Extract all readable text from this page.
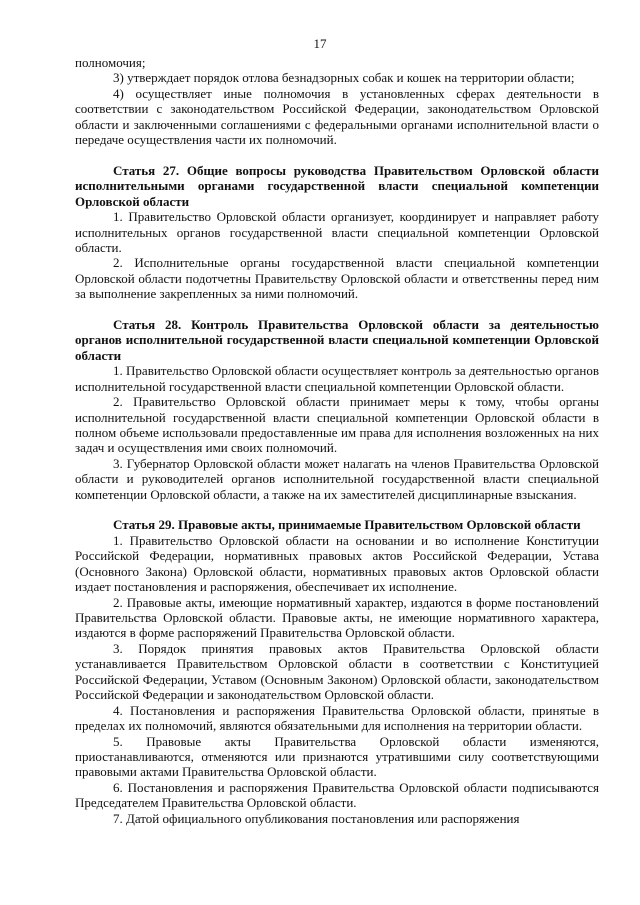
17

полномочия;

3) утверждает порядок отлова безнадзорных собак и кошек на территории области;

4) осуществляет иные полномочия в установленных сферах деятельности в соответствии с законодательством Российской Федерации, законодательством Орловской области и заключенными соглашениями с федеральными органами исполнительной власти о передаче осуществления части их полномочий.

Статья 27. Общие вопросы руководства Правительством Орловской области исполнительными органами государственной власти специальной компетенции Орловской области

1. Правительство Орловской области организует, координирует и направляет работу исполнительных органов государственной власти специальной компетенции Орловской области.

2. Исполнительные органы государственной власти специальной компетенции Орловской области подотчетны Правительству Орловской области и ответственны перед ним за выполнение закрепленных за ними полномочий.

Статья 28. Контроль Правительства Орловской области за деятельностью органов исполнительной государственной власти специальной компетенции Орловской области

1. Правительство Орловской области осуществляет контроль за деятельностью органов исполнительной государственной власти специальной компетенции Орловской области.

2. Правительство Орловской области принимает меры к тому, чтобы органы исполнительной государственной власти специальной компетенции Орловской области в полном объеме использовали предоставленные им права для исполнения возложенных на них задач и осуществления ими своих полномочий.

3. Губернатор Орловской области может налагать на членов Правительства Орловской области и руководителей органов исполнительной государственной власти специальной компетенции Орловской области, а также на их заместителей дисциплинарные взыскания.

Статья 29. Правовые акты, принимаемые Правительством Орловской области

1. Правительство Орловской области на основании и во исполнение Конституции Российской Федерации, нормативных правовых актов Российской Федерации, Устава (Основного Закона) Орловской области, нормативных правовых актов Орловской области издает постановления и распоряжения, обеспечивает их исполнение.

2. Правовые акты, имеющие нормативный характер, издаются в форме постановлений Правительства Орловской области. Правовые акты, не имеющие нормативного характера, издаются в форме распоряжений Правительства Орловской области.

3. Порядок принятия правовых актов Правительства Орловской области устанавливается Правительством Орловской области в соответствии с Конституцией Российской Федерации, Уставом (Основным Законом) Орловской области, законодательством Российской Федерации и законодательством Орловской области.

4. Постановления и распоряжения Правительства Орловской области, принятые в пределах их полномочий, являются обязательными для исполнения на территории области.

5. Правовые акты Правительства Орловской области изменяются, приостанавливаются, отменяются или признаются утратившими силу соответствующими правовыми актами Правительства Орловской области.

6. Постановления и распоряжения Правительства Орловской области подписываются Председателем Правительства Орловской области.

7. Датой официального опубликования постановления или распоряжения
